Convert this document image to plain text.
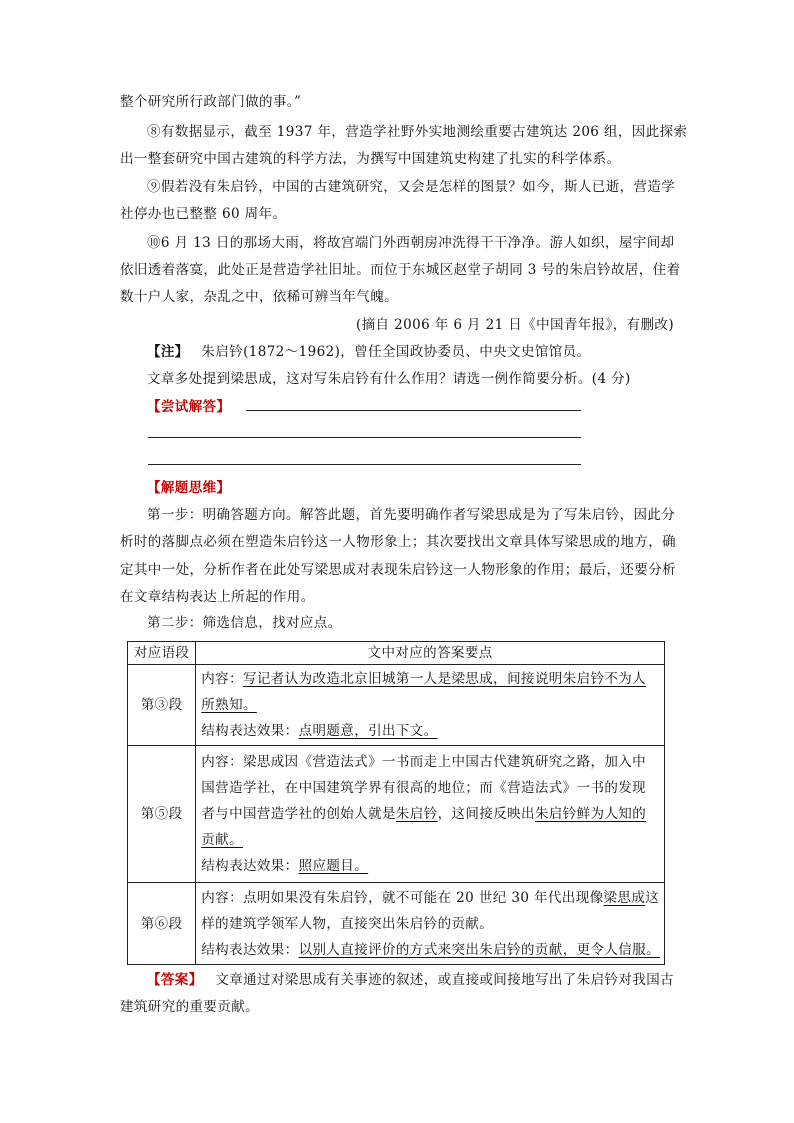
整个研究所行政部门做的事。”
⑧有数据显示，截至 1937 年，营造学社野外实地测绘重要古建筑达 206 组，因此探索
出一整套研究中国古建筑的科学方法，为撰写中国建筑史构建了扎实的科学体系。
⑨假若没有朱启钤，中国的古建筑研究，又会是怎样的图景？如今，斯人已逝，营造学
社停办也已整整 60 周年。
⑩6 月 13 日的那场大雨，将故宫端门外西朝房冲洗得干干净净。游人如织，屋宇间却
依旧透着落寞，此处正是营造学社旧址。而位于东城区赵堂子胡同 3 号的朱启钤故居，住着
数十户人家，杂乱之中，依稀可辨当年气魄。
(摘自 2006 年 6 月 21 日《中国青年报》，有删改)
【注】 朱启钤(1872～1962)，曾任全国政协委员、中央文史馆馆员。
文章多处提到梁思成，这对写朱启钤有什么作用？请选一例作简要分析。(4 分)
【尝试解答】
【解题思维】
第一步：明确答题方向。解答此题，首先要明确作者写梁思成是为了写朱启钤，因此分
析时的落脚点必须在塑造朱启钤这一人物形象上；其次要找出文章具体写梁思成的地方，确
定其中一处，分析作者在此处写梁思成对表现朱启钤这一人物形象的作用；最后，还要分析
在文章结构表达上所起的作用。
第二步：筛选信息，找对应点。
对应语段	文中对应的答案要点
第③段	内容：写记者认为改造北京旧城第一人是梁思成，间接说明朱启钤不为人
所熟知。
结构表达效果：点明题意，引出下文。

第⑤段	内容：梁思成因《营造法式》一书而走上中国古代建筑研究之路，加入中
国营造学社，在中国建筑学界有很高的地位；而《营造法式》一书的发现
者与中国营造学社的创始人就是朱启钤，这间接反映出朱启钤鲜为人知的
贡献。
结构表达效果：照应题目。

第⑥段	内容：点明如果没有朱启钤，就不可能在 20 世纪 30 年代出现像梁思成这
样的建筑学领军人物，直接突出朱启钤的贡献。
结构表达效果：以别人直接评价的方式来突出朱启钤的贡献，更令人信服。
【答案】 文章通过对梁思成有关事迹的叙述，或直接或间接地写出了朱启钤对我国古
建筑研究的重要贡献。
